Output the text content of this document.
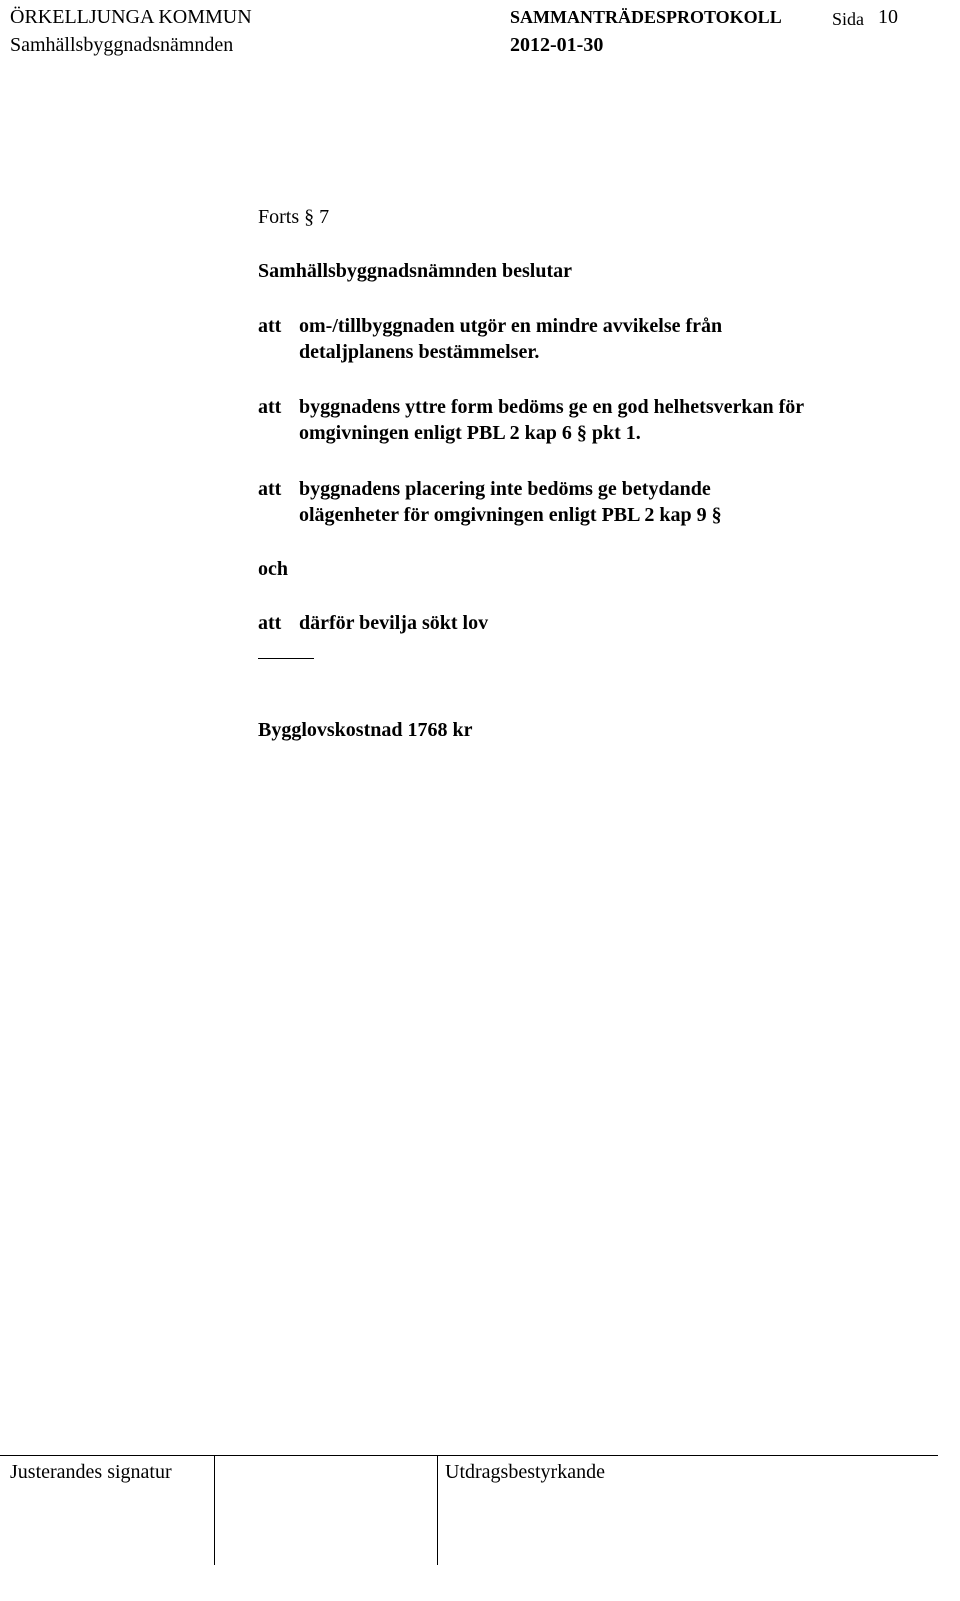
ÖRKELLJUNGA KOMMUN
Samhällsbyggnadsnämnden
SAMMANTRÄDESPROTOKOLL
2012-01-30
Sida 10
Forts § 7
Samhällsbyggnadsnämnden beslutar
att om-/tillbyggnaden utgör en mindre avvikelse från
detaljplanens bestämmelser.
att byggnadens yttre form bedöms ge en god helhetsverkan för
omgivningen enligt PBL 2 kap 6 § pkt 1.
att byggnadens placering inte bedöms ge betydande
olägenheter för omgivningen enligt PBL 2 kap 9 §
och
att därför bevilja sökt lov
Bygglovskostnad 1768 kr
Justerandes signatur	Utdragsbestyrkande
